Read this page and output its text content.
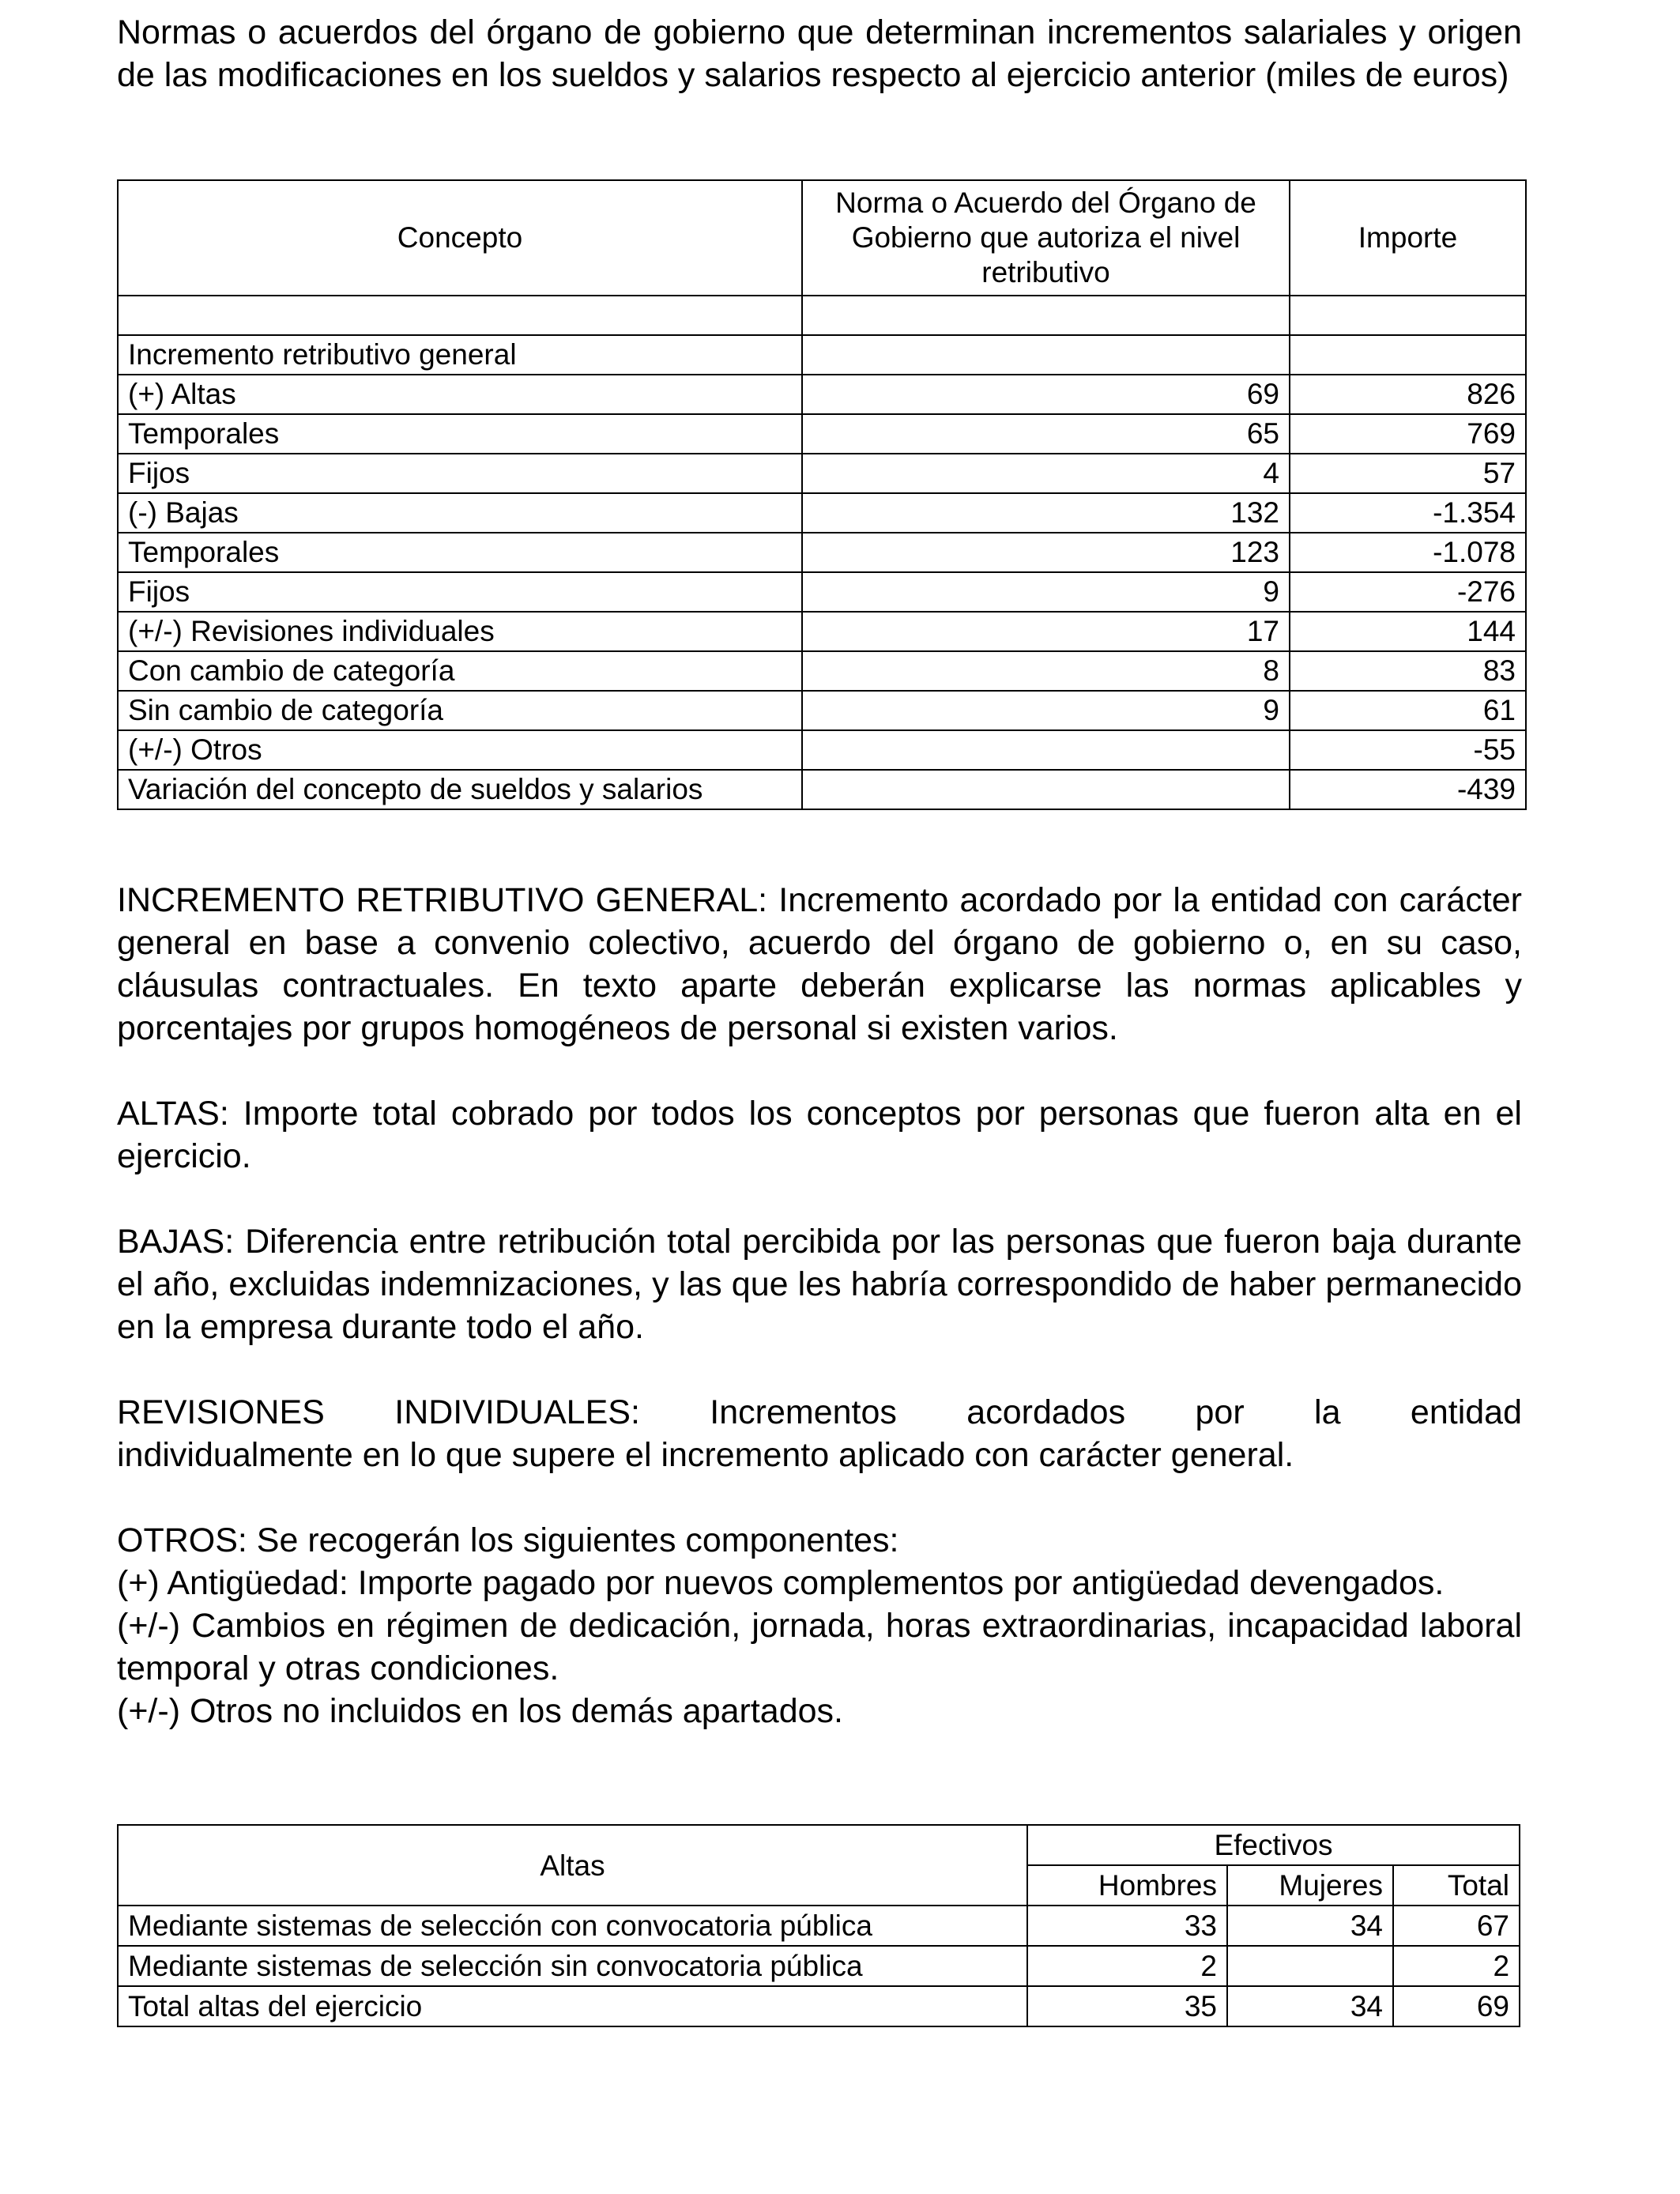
Normas o acuerdos del órgano de gobierno que determinan incrementos salariales y origen de las modificaciones en los sueldos y salarios respecto al ejercicio anterior (miles de euros)

Concepto	Norma o Acuerdo del Órgano de Gobierno que autoriza el nivel retributivo	Importe

Incremento retributivo general		
(+) Altas	69	826
Temporales	65	769
Fijos	4	57
(-) Bajas	132	-1.354
Temporales	123	-1.078
Fijos	9	-276
(+/-) Revisiones individuales	17	144
Con cambio de categoría	8	83
Sin cambio de categoría	9	61
(+/-) Otros		-55
Variación del concepto de sueldos y salarios		-439

INCREMENTO RETRIBUTIVO GENERAL: Incremento acordado por la entidad con carácter general en base a convenio colectivo, acuerdo del órgano de gobierno o, en su caso, cláusulas contractuales. En texto aparte deberán explicarse las normas aplicables y porcentajes por grupos homogéneos de personal si existen varios.

ALTAS: Importe total cobrado por todos los conceptos por personas que fueron alta en el ejercicio.

BAJAS: Diferencia entre retribución total percibida por las personas que fueron baja durante el año, excluidas indemnizaciones, y las que les habría correspondido de haber permanecido en la empresa durante todo el año.

REVISIONES INDIVIDUALES: Incrementos acordados por la entidad
individualmente en lo que supere el incremento aplicado con carácter general.

OTROS: Se recogerán los siguientes componentes:
(+) Antigüedad: Importe pagado por nuevos complementos por antigüedad devengados.
(+/-) Cambios en régimen de dedicación, jornada, horas extraordinarias, incapacidad laboral temporal y otras condiciones.
(+/-) Otros no incluidos en los demás apartados.

Altas	Efectivos		
	Hombres	Mujeres	Total
Mediante sistemas de selección con convocatoria pública	33	34	67
Mediante sistemas de selección sin convocatoria pública	2		2
Total altas del ejercicio	35	34	69
